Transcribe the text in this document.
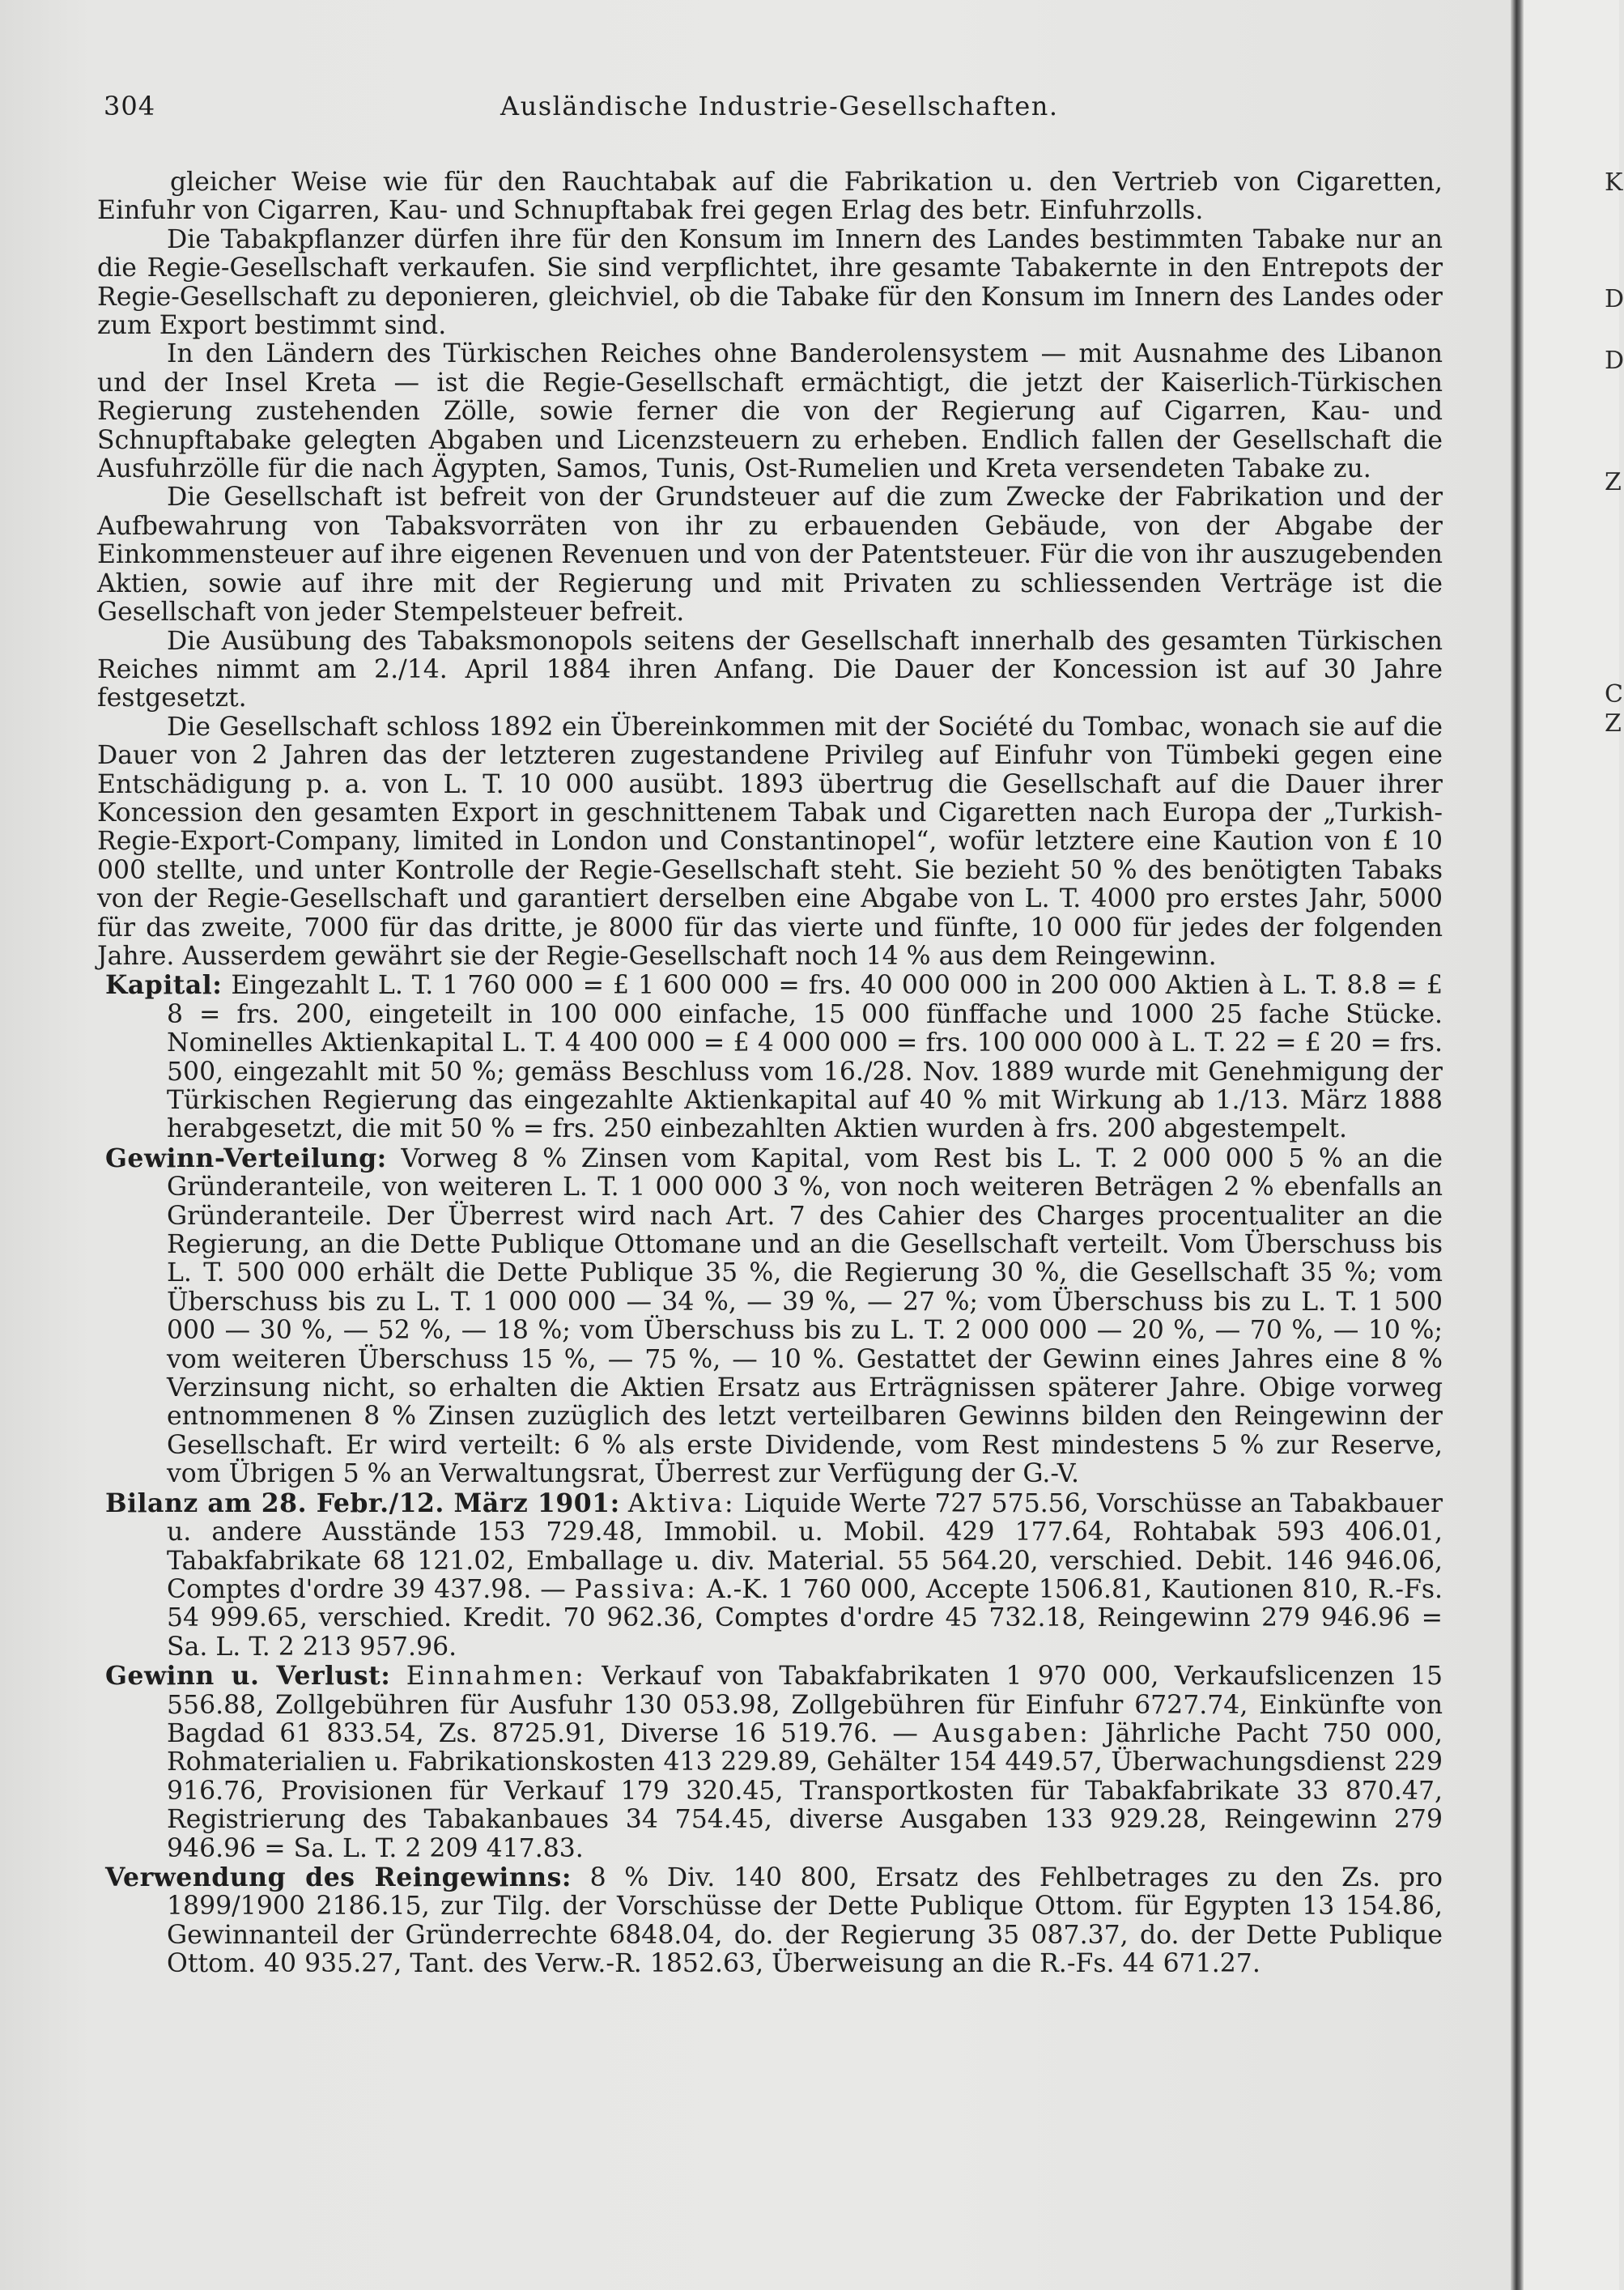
K
D
D
Z
C
Z
304	Ausländische Industrie-Gesellschaften.

gleicher Weise wie für den Rauchtabak auf die Fabrikation u. den Vertrieb von Cigaretten, Einfuhr von Cigarren, Kau- und Schnupftabak frei gegen Erlag des betr. Einfuhrzolls.

Die Tabakpflanzer dürfen ihre für den Konsum im Innern des Landes bestimmten Tabake nur an die Regie-Gesellschaft verkaufen. Sie sind verpflichtet, ihre gesamte Tabakernte in den Entrepots der Regie-Gesellschaft zu deponieren, gleichviel, ob die Tabake für den Konsum im Innern des Landes oder zum Export bestimmt sind.

In den Ländern des Türkischen Reiches ohne Banderolensystem — mit Ausnahme des Libanon und der Insel Kreta — ist die Regie-Gesellschaft ermächtigt, die jetzt der Kaiserlich-Türkischen Regierung zustehenden Zölle, sowie ferner die von der Regierung auf Cigarren, Kau- und Schnupftabake gelegten Abgaben und Licenzsteuern zu erheben. Endlich fallen der Gesellschaft die Ausfuhrzölle für die nach Ägypten, Samos, Tunis, Ost-Rumelien und Kreta versendeten Tabake zu.

Die Gesellschaft ist befreit von der Grundsteuer auf die zum Zwecke der Fabrikation und der Aufbewahrung von Tabaksvorräten von ihr zu erbauenden Gebäude, von der Abgabe der Einkommensteuer auf ihre eigenen Revenuen und von der Patentsteuer. Für die von ihr auszugebenden Aktien, sowie auf ihre mit der Regierung und mit Privaten zu schliessenden Verträge ist die Gesellschaft von jeder Stempelsteuer befreit.

Die Ausübung des Tabaksmonopols seitens der Gesellschaft innerhalb des gesamten Türkischen Reiches nimmt am 2./14. April 1884 ihren Anfang. Die Dauer der Koncession ist auf 30 Jahre festgesetzt.

Die Gesellschaft schloss 1892 ein Übereinkommen mit der Société du Tombac, wonach sie auf die Dauer von 2 Jahren das der letzteren zugestandene Privileg auf Einfuhr von Tümbeki gegen eine Entschädigung p. a. von L. T. 10 000 ausübt. 1893 übertrug die Gesellschaft auf die Dauer ihrer Koncession den gesamten Export in geschnittenem Tabak und Cigaretten nach Europa der „Turkish-Regie-Export-Company, limited in London und Constantinopel“, wofür letztere eine Kaution von £ 10 000 stellte, und unter Kontrolle der Regie-Gesellschaft steht. Sie bezieht 50 % des benötigten Tabaks von der Regie-Gesellschaft und garantiert derselben eine Abgabe von L. T. 4000 pro erstes Jahr, 5000 für das zweite, 7000 für das dritte, je 8000 für das vierte und fünfte, 10 000 für jedes der folgenden Jahre. Ausserdem gewährt sie der Regie-Gesellschaft noch 14 % aus dem Reingewinn.

Kapital: Eingezahlt L. T. 1 760 000 = £ 1 600 000 = frs. 40 000 000 in 200 000 Aktien à L. T. 8.8 = £ 8 = frs. 200, eingeteilt in 100 000 einfache, 15 000 fünffache und 1000 25 fache Stücke. Nominelles Aktienkapital L. T. 4 400 000 = £ 4 000 000 = frs. 100 000 000 à L. T. 22 = £ 20 = frs. 500, eingezahlt mit 50 %; gemäss Beschluss vom 16./28. Nov. 1889 wurde mit Genehmigung der Türkischen Regierung das eingezahlte Aktienkapital auf 40 % mit Wirkung ab 1./13. März 1888 herabgesetzt, die mit 50 % = frs. 250 einbezahlten Aktien wurden à frs. 200 abgestempelt.

Gewinn-Verteilung: Vorweg 8 % Zinsen vom Kapital, vom Rest bis L. T. 2 000 000 5 % an die Gründeranteile, von weiteren L. T. 1 000 000 3 %, von noch weiteren Beträgen 2 % ebenfalls an Gründeranteile. Der Überrest wird nach Art. 7 des Cahier des Charges procentualiter an die Regierung, an die Dette Publique Ottomane und an die Gesellschaft verteilt. Vom Überschuss bis L. T. 500 000 erhält die Dette Publique 35 %, die Regierung 30 %, die Gesellschaft 35 %; vom Überschuss bis zu L. T. 1 000 000 — 34 %, — 39 %, — 27 %; vom Überschuss bis zu L. T. 1 500 000 — 30 %, — 52 %, — 18 %; vom Überschuss bis zu L. T. 2 000 000 — 20 %, — 70 %, — 10 %; vom weiteren Überschuss 15 %, — 75 %, — 10 %. Gestattet der Gewinn eines Jahres eine 8 % Verzinsung nicht, so erhalten die Aktien Ersatz aus Erträgnissen späterer Jahre. Obige vorweg entnommenen 8 % Zinsen zuzüglich des letzt verteilbaren Gewinns bilden den Reingewinn der Gesellschaft. Er wird verteilt: 6 % als erste Dividende, vom Rest mindestens 5 % zur Reserve, vom Übrigen 5 % an Verwaltungsrat, Überrest zur Verfügung der G.-V.

Bilanz am 28. Febr./12. März 1901: Aktiva: Liquide Werte 727 575.56, Vorschüsse an Tabakbauer u. andere Ausstände 153 729.48, Immobil. u. Mobil. 429 177.64, Rohtabak 593 406.01, Tabakfabrikate 68 121.02, Emballage u. div. Material. 55 564.20, verschied. Debit. 146 946.06, Comptes d'ordre 39 437.98. — Passiva: A.-K. 1 760 000, Accepte 1506.81, Kautionen 810, R.-Fs. 54 999.65, verschied. Kredit. 70 962.36, Comptes d'ordre 45 732.18, Reingewinn 279 946.96 = Sa. L. T. 2 213 957.96.

Gewinn u. Verlust: Einnahmen: Verkauf von Tabakfabrikaten 1 970 000, Verkaufslicenzen 15 556.88, Zollgebühren für Ausfuhr 130 053.98, Zollgebühren für Einfuhr 6727.74, Einkünfte von Bagdad 61 833.54, Zs. 8725.91, Diverse 16 519.76. — Ausgaben: Jährliche Pacht 750 000, Rohmaterialien u. Fabrikationskosten 413 229.89, Gehälter 154 449.57, Überwachungsdienst 229 916.76, Provisionen für Verkauf 179 320.45, Transportkosten für Tabakfabrikate 33 870.47, Registrierung des Tabakanbaues 34 754.45, diverse Ausgaben 133 929.28, Reingewinn 279 946.96 = Sa. L. T. 2 209 417.83.

Verwendung des Reingewinns: 8 % Div. 140 800, Ersatz des Fehlbetrages zu den Zs. pro 1899/1900 2186.15, zur Tilg. der Vorschüsse der Dette Publique Ottom. für Egypten 13 154.86, Gewinnanteil der Gründerrechte 6848.04, do. der Regierung 35 087.37, do. der Dette Publique Ottom. 40 935.27, Tant. des Verw.-R. 1852.63, Überweisung an die R.-Fs. 44 671.27.
